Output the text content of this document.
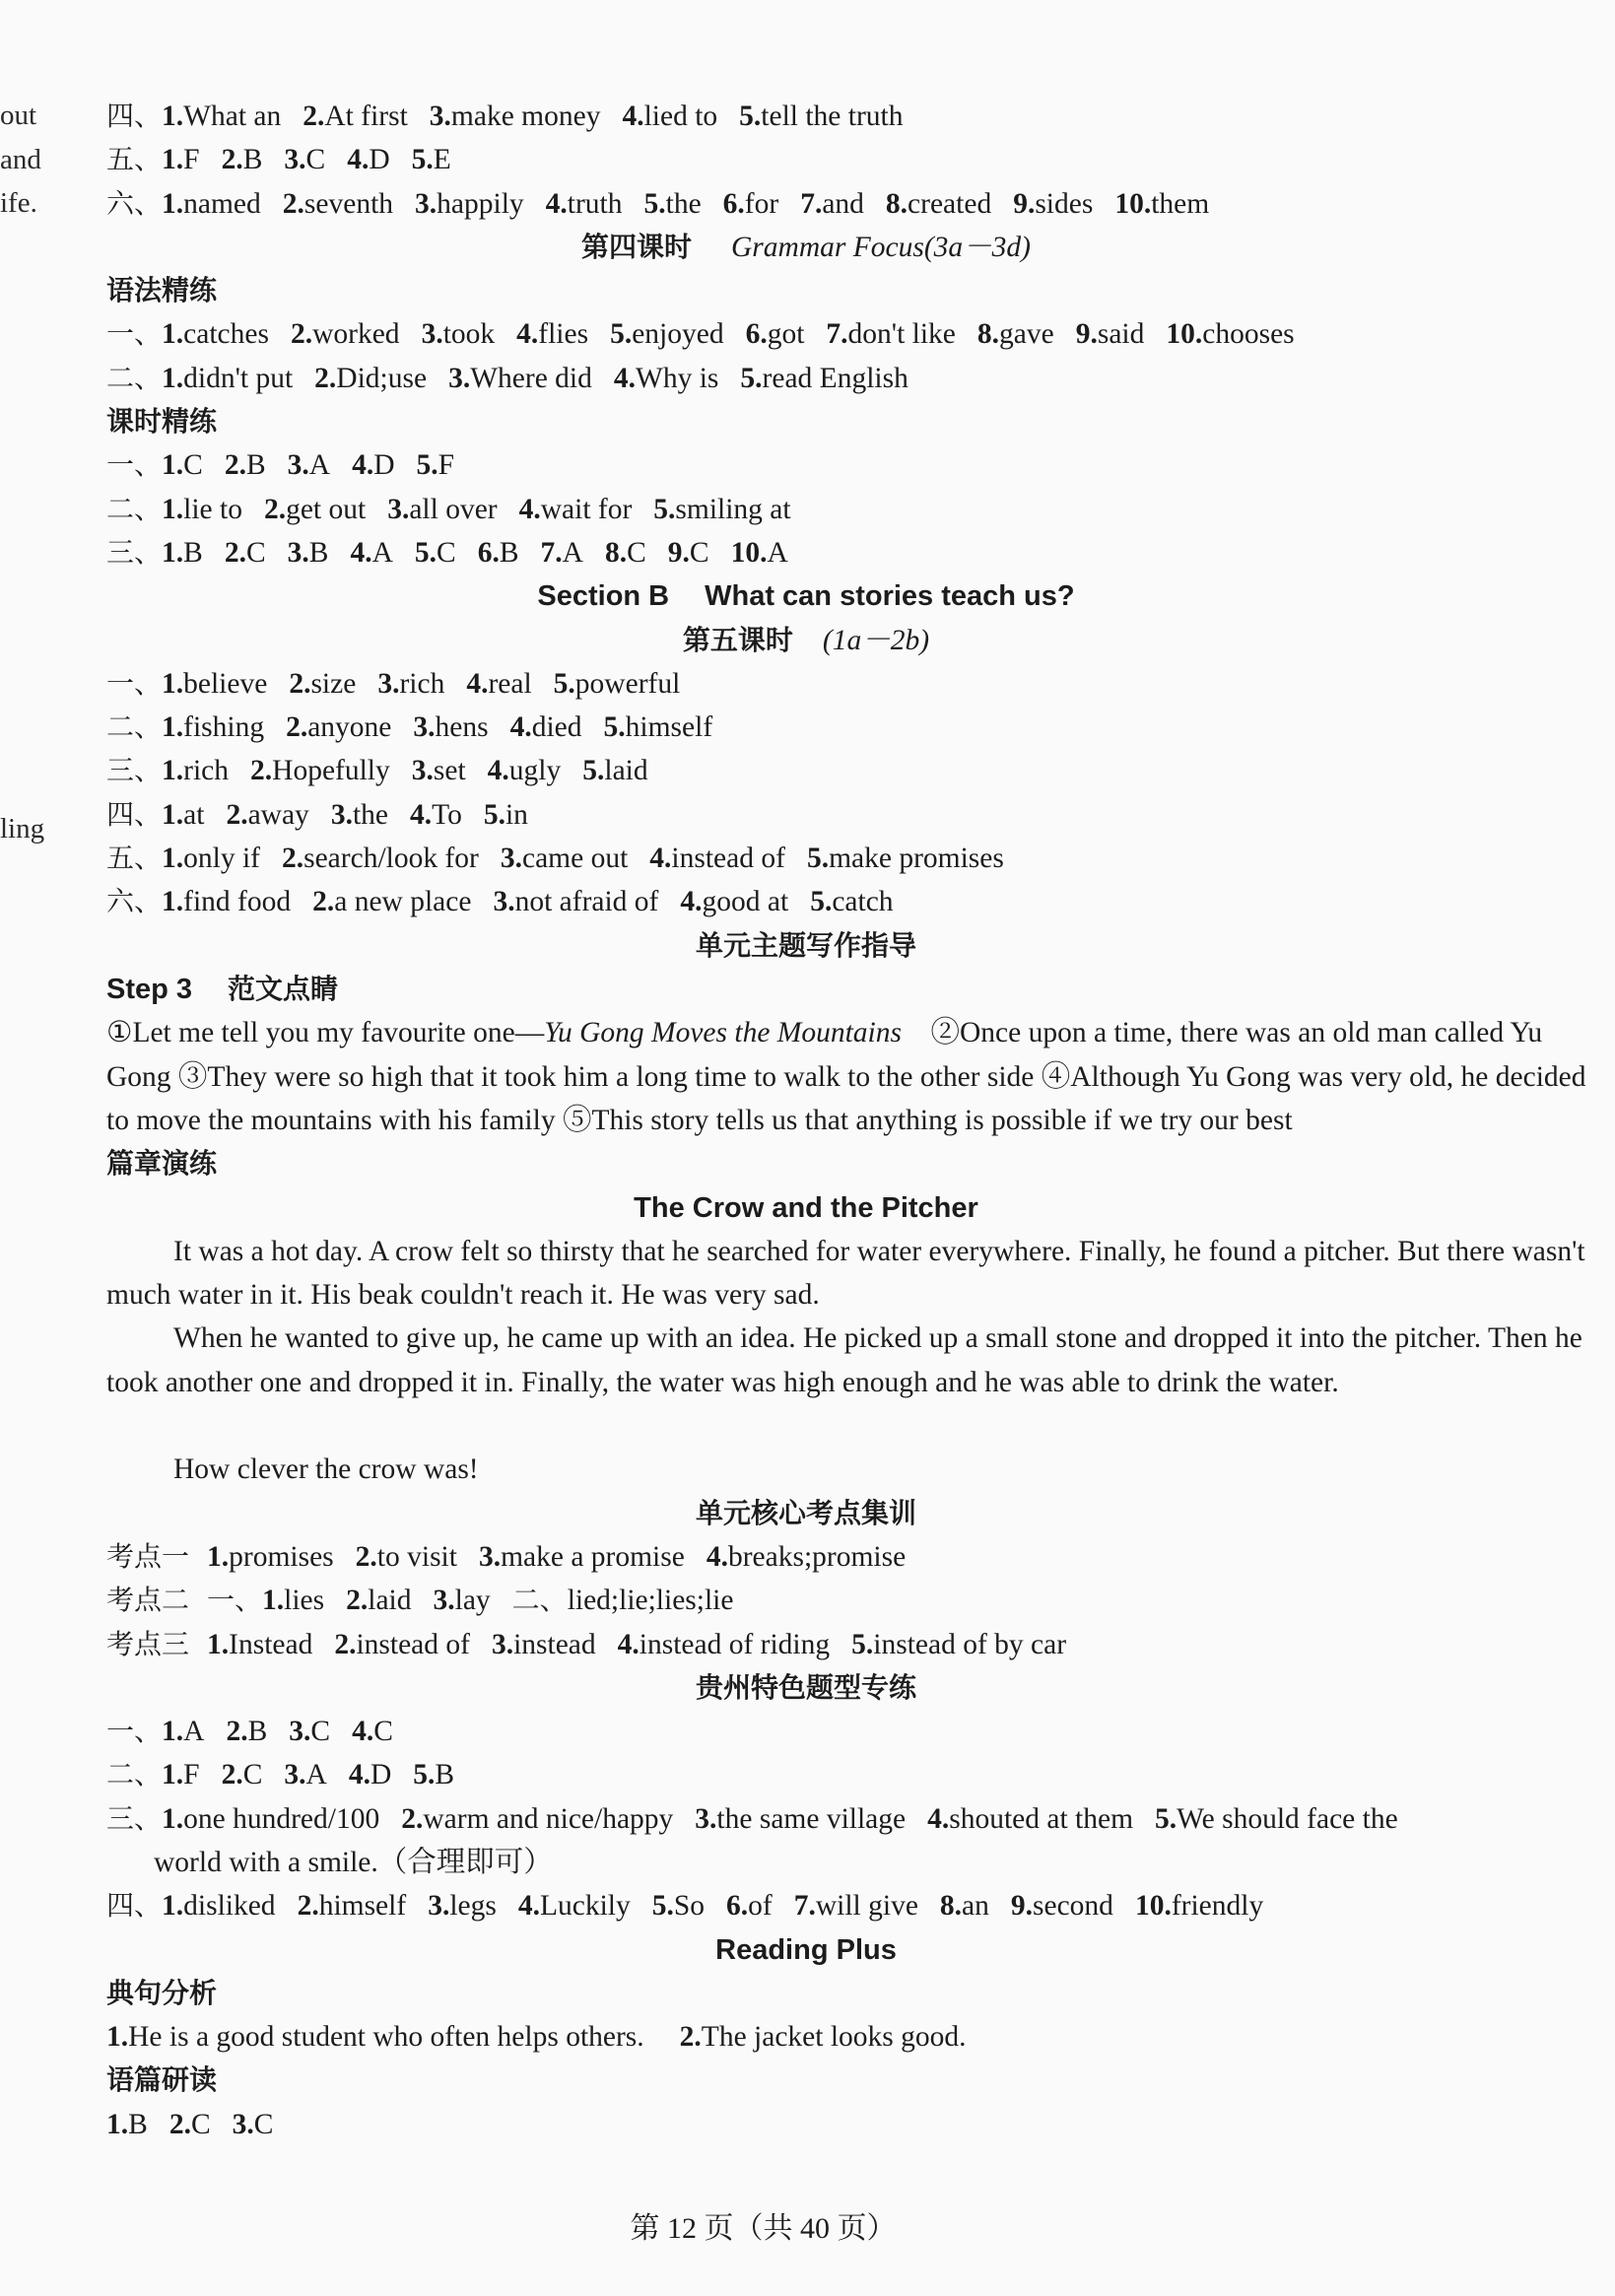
out
and
ife.
ling
四、1.What an 2.At first 3.make money 4.lied to 5.tell the truth
五、1.F 2.B 3.C 4.D 5.E
六、1.named 2.seventh 3.happily 4.truth 5.the 6.for 7.and 8.created 9.sides 10.them
第四课时 Grammar Focus(3a－3d)
语法精练
一、1.catches 2.worked 3.took 4.flies 5.enjoyed 6.got 7.don't like 8.gave 9.said 10.chooses
二、1.didn't put 2.Did;use 3.Where did 4.Why is 5.read English
课时精练
一、1.C 2.B 3.A 4.D 5.F
二、1.lie to 2.get out 3.all over 4.wait for 5.smiling at
三、1.B 2.C 3.B 4.A 5.C 6.B 7.A 8.C 9.C 10.A
Section B What can stories teach us?
第五课时 (1a－2b)
一、1.believe 2.size 3.rich 4.real 5.powerful
二、1.fishing 2.anyone 3.hens 4.died 5.himself
三、1.rich 2.Hopefully 3.set 4.ugly 5.laid
四、1.at 2.away 3.the 4.To 5.in
五、1.only if 2.search/look for 3.came out 4.instead of 5.make promises
六、1.find food 2.a new place 3.not afraid of 4.good at 5.catch
单元主题写作指导
Step 3 范文点睛
①Let me tell you my favourite one—Yu Gong Moves the Mountains　 ②Once upon a time, there was an old man called Yu Gong ③They were so high that it took him a long time to walk to the other side ④Although Yu Gong was very old, he decided to move the mountains with his family ⑤This story tells us that anything is possible if we try our best
篇章演练
The Crow and the Pitcher
It was a hot day. A crow felt so thirsty that he searched for water everywhere. Finally, he found a pitcher. But there wasn't much water in it. His beak couldn't reach it. He was very sad.
When he wanted to give up, he came up with an idea. He picked up a small stone and dropped it into the pitcher. Then he took another one and dropped it in. Finally, the water was high enough and he was able to drink the water.
How clever the crow was!
单元核心考点集训
考点一 1.promises 2.to visit 3.make a promise 4.breaks;promise
考点二 一、1.lies 2.laid 3.lay 二、lied;lie;lies;lie
考点三 1.Instead 2.instead of 3.instead 4.instead of riding 5.instead of by car
贵州特色题型专练
一、1.A 2.B 3.C 4.C
二、1.F 2.C 3.A 4.D 5.B
三、1.one hundred/100 2.warm and nice/happy 3.the same village 4.shouted at them 5.We should face the
world with a smile.（合理即可）
四、1.disliked 2.himself 3.legs 4.Luckily 5.So 6.of 7.will give 8.an 9.second 10.friendly
Reading Plus
典句分析
1.He is a good student who often helps others. 2.The jacket looks good.
语篇研读
1.B 2.C 3.C
第 12 页（共 40 页）
